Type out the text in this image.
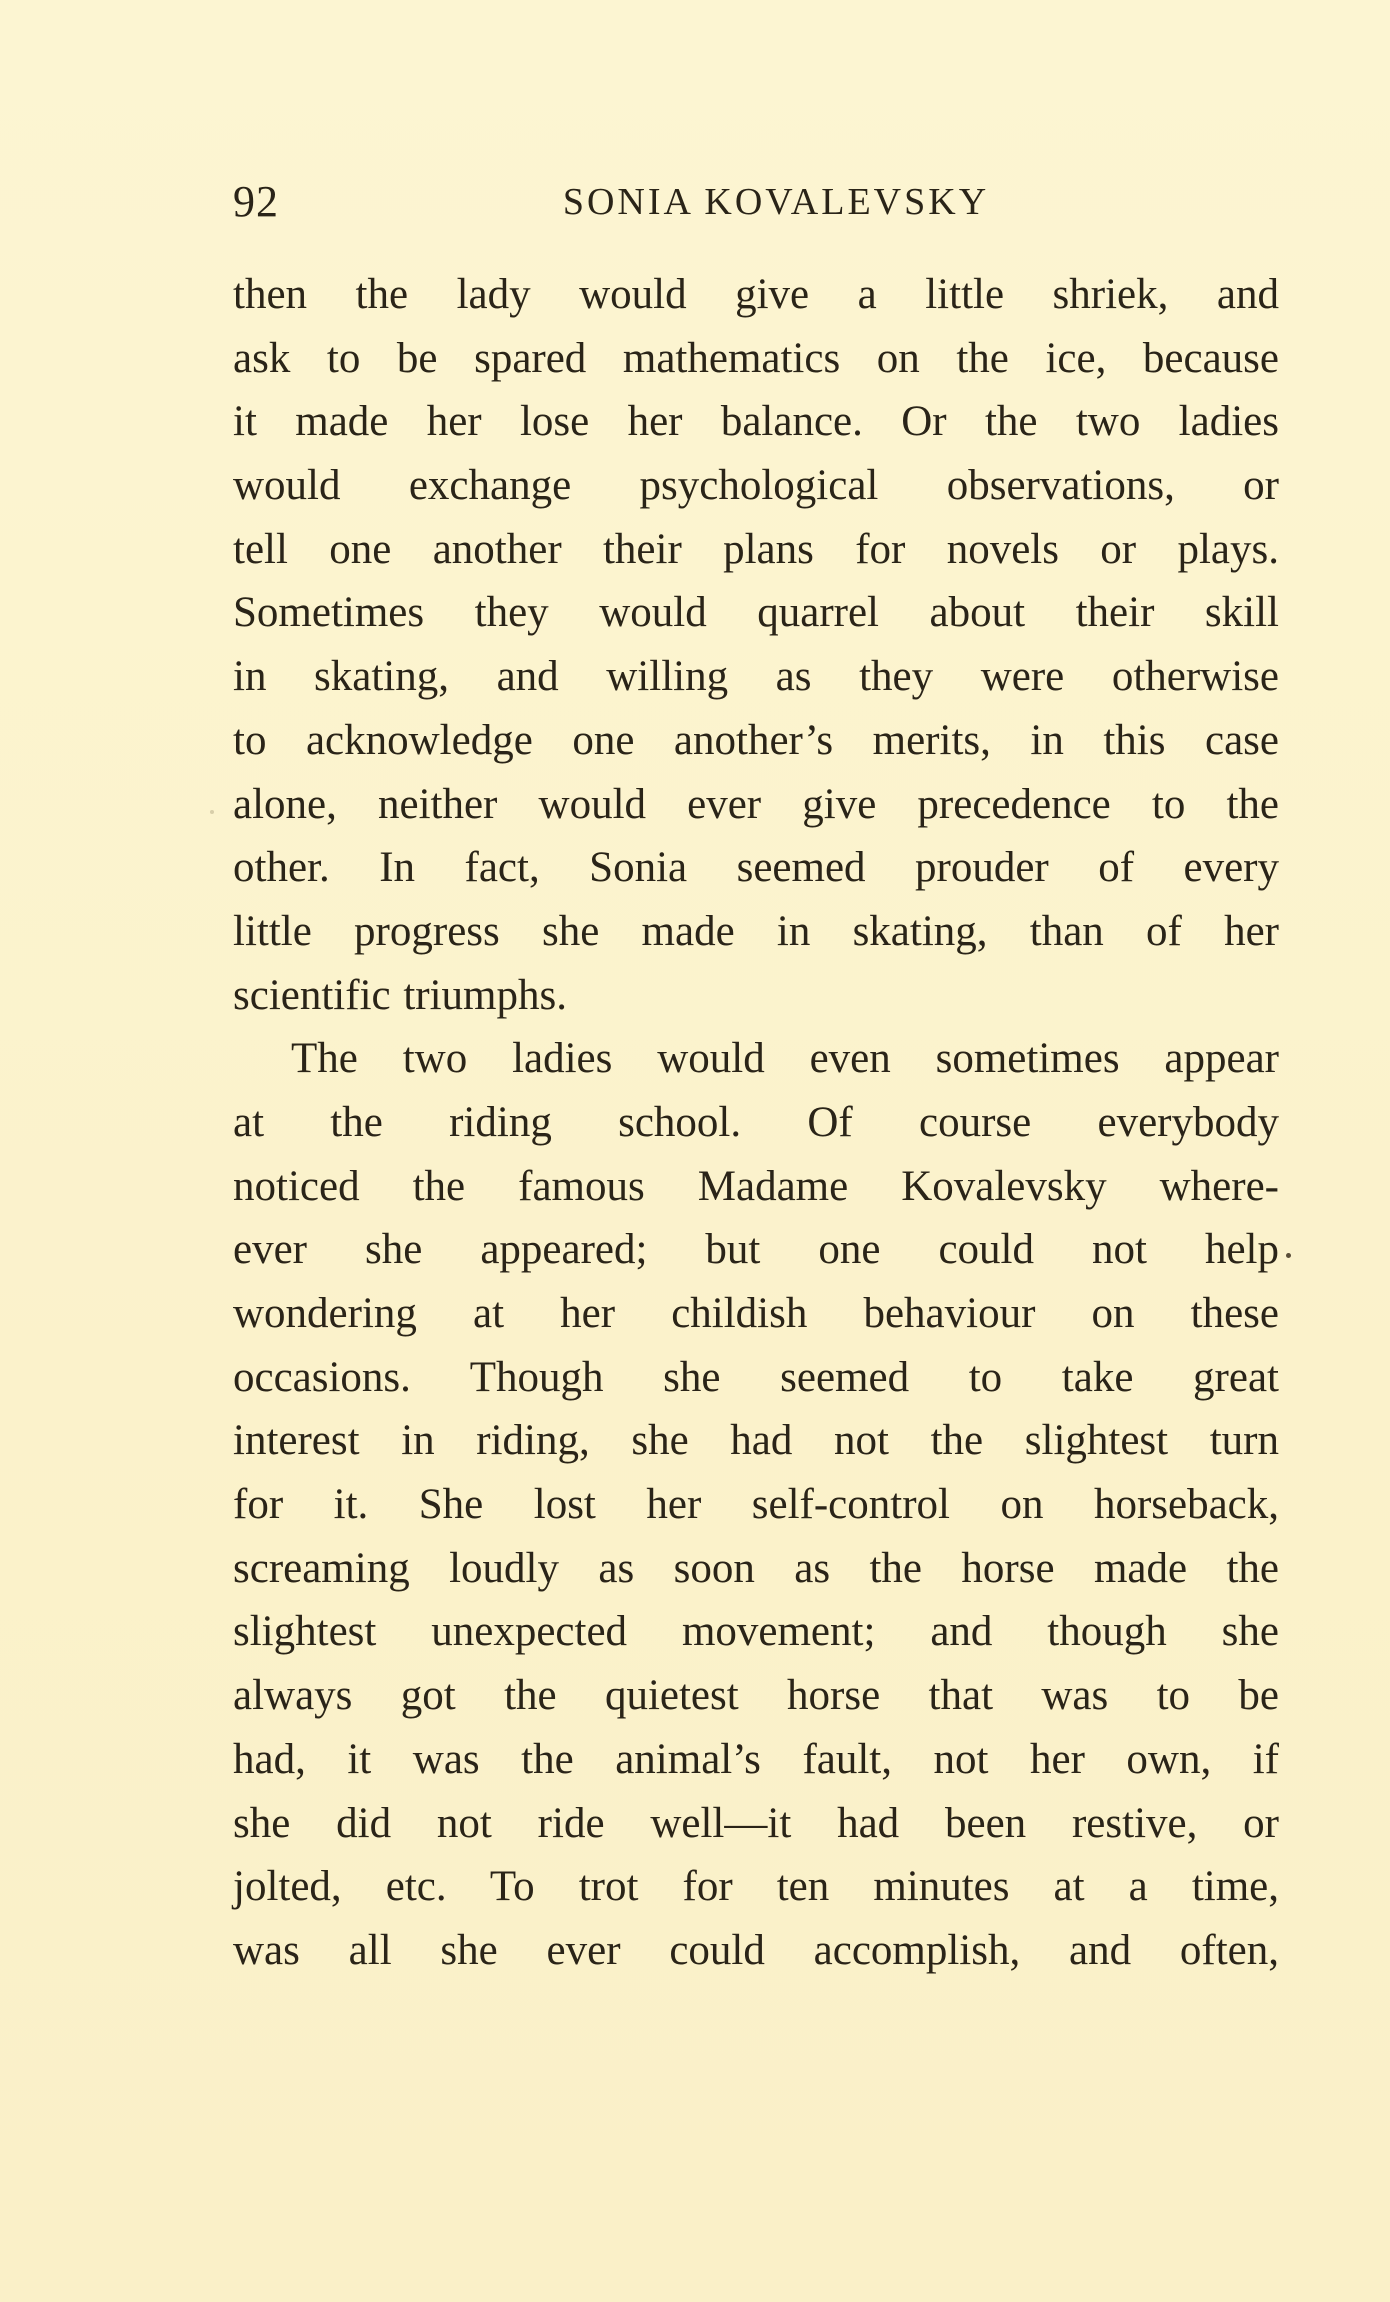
92	SONIA KOVALEVSKY
then the lady would give a little shriek, and
ask to be spared mathematics on the ice, because
it made her lose her balance. Or the two ladies
would exchange psychological observations, or
tell one another their plans for novels or plays.
Sometimes they would quarrel about their skill
in skating, and willing as they were otherwise
to acknowledge one another’s merits, in this case
alone, neither would ever give precedence to the
other. In fact, Sonia seemed prouder of every
little progress she made in skating, than of her
scientific triumphs.
The two ladies would even sometimes appear
at the riding school. Of course everybody
noticed the famous Madame Kovalevsky where-
ever she appeared; but one could not help
wondering at her childish behaviour on these
occasions. Though she seemed to take great
interest in riding, she had not the slightest turn
for it. She lost her self-control on horseback,
screaming loudly as soon as the horse made the
slightest unexpected movement; and though she
always got the quietest horse that was to be
had, it was the animal’s fault, not her own, if
she did not ride well—it had been restive, or
jolted, etc. To trot for ten minutes at a time,
was all she ever could accomplish, and often,
